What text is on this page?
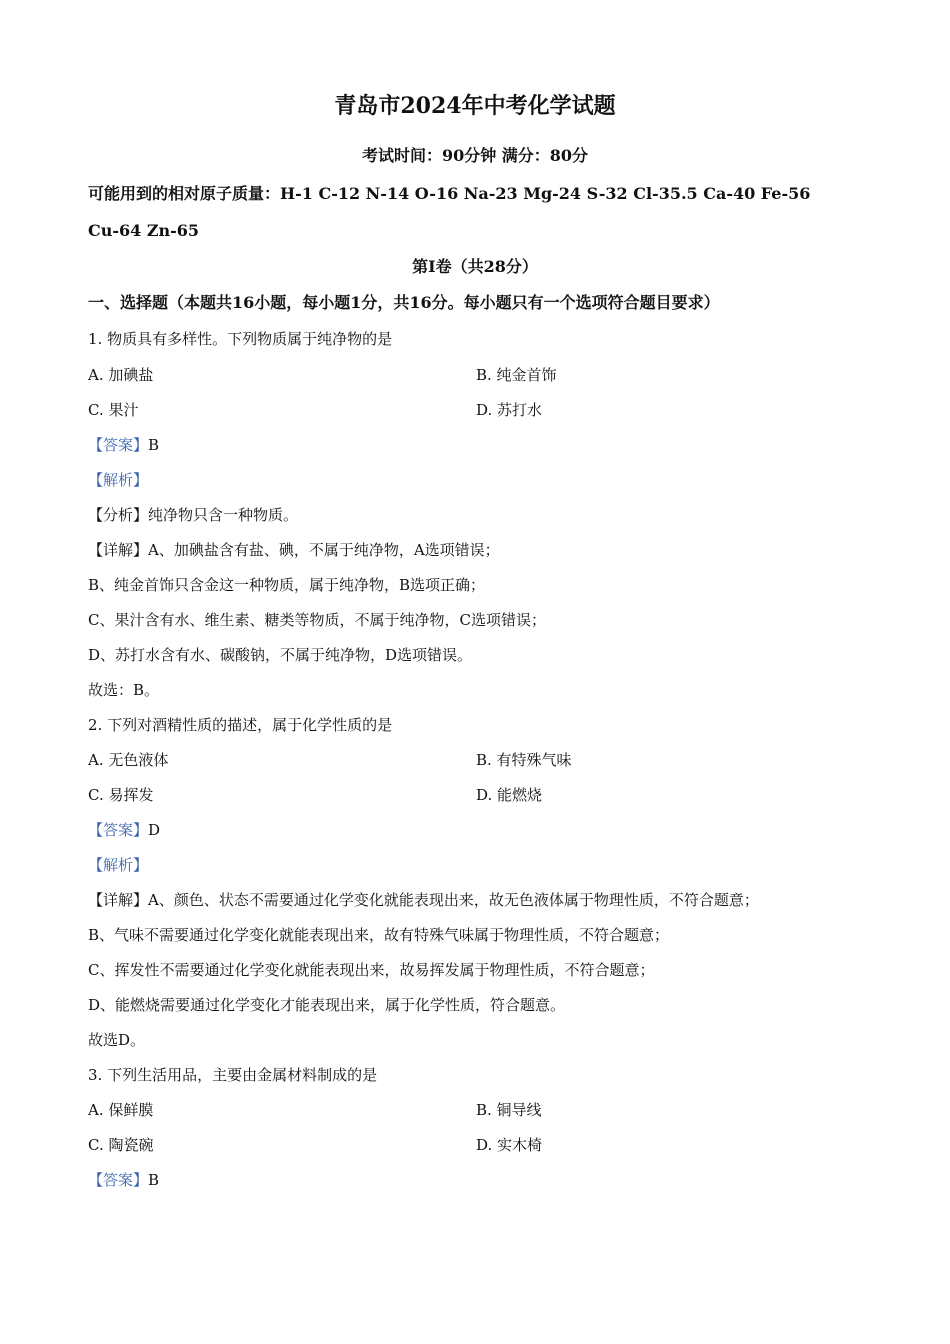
青岛市2024年中考化学试题
考试时间：90分钟 满分：80分
可能用到的相对原子质量：H-1 C-12 N-14 O-16 Na-23 Mg-24 S-32 Cl-35.5 Ca-40 Fe-56
Cu-64 Zn-65
第Ⅰ卷（共28分）
一、选择题（本题共16小题，每小题1分，共16分。每小题只有一个选项符合题目要求）
1. 物质具有多样性。下列物质属于纯净物的是
A. 加碘盐	B. 纯金首饰
C. 果汁	D. 苏打水
【答案】B
【解析】
【分析】纯净物只含一种物质。
【详解】A、加碘盐含有盐、碘，不属于纯净物，A选项错误；
B、纯金首饰只含金这一种物质，属于纯净物，B选项正确；
C、果汁含有水、维生素、糖类等物质，不属于纯净物，C选项错误；
D、苏打水含有水、碳酸钠，不属于纯净物，D选项错误。
故选：B。
2. 下列对酒精性质的描述，属于化学性质的是
A. 无色液体	B. 有特殊气味
C. 易挥发	D. 能燃烧
【答案】D
【解析】
【详解】A、颜色、状态不需要通过化学变化就能表现出来，故无色液体属于物理性质，不符合题意；
B、气味不需要通过化学变化就能表现出来，故有特殊气味属于物理性质，不符合题意；
C、挥发性不需要通过化学变化就能表现出来，故易挥发属于物理性质，不符合题意；
D、能燃烧需要通过化学变化才能表现出来，属于化学性质，符合题意。
故选D。
3. 下列生活用品，主要由金属材料制成的是
A. 保鲜膜	B. 铜导线
C. 陶瓷碗	D. 实木椅
【答案】B
